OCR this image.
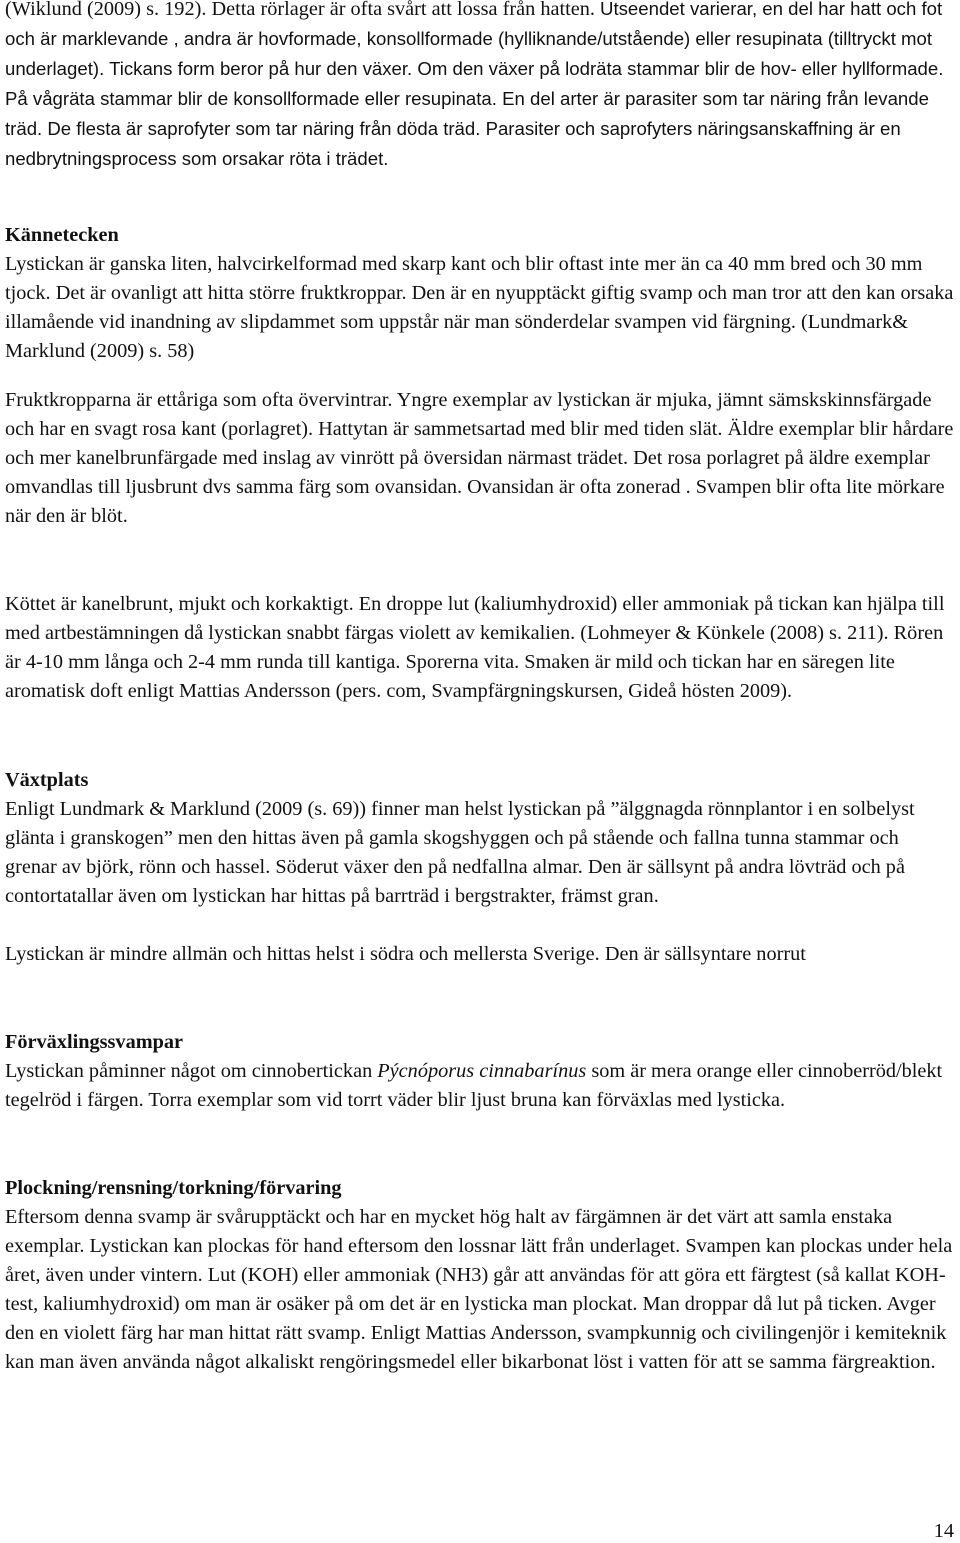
(Wiklund (2009) s. 192). Detta rörlager är ofta svårt att lossa från hatten. Utseendet varierar, en del har hatt och fot och är marklevande , andra är hovformade, konsollformade (hylliknande/utstående) eller resupinata (tilltryckt mot underlaget). Tickans form beror på hur den växer. Om den växer på lodräta stammar blir de hov- eller hyllformade. På vågräta stammar blir de konsollformade eller resupinata. En del arter är parasiter som tar näring från levande träd. De flesta är saprofyter som tar näring från döda träd. Parasiter och saprofyters näringsanskaffning är en nedbrytningsprocess som orsakar röta i trädet.

Kännetecken

Lystickan är ganska liten, halvcirkelformad med skarp kant och blir oftast inte mer än ca 40 mm bred och 30 mm tjock. Det är ovanligt att hitta större fruktkroppar. Den är en nyupptäckt giftig svamp och man tror att den kan orsaka illamående vid inandning av slipdammet som uppstår när man sönderdelar svampen vid färgning. (Lundmark& Marklund (2009) s. 58)

Fruktkropparna är ettåriga som ofta övervintrar. Yngre exemplar av lystickan är mjuka, jämnt sämskskinnsfärgade och har en svagt rosa kant (porlagret). Hattytan är sammetsartad med blir med tiden slät. Äldre exemplar blir hårdare och mer kanelbrunfärgade med inslag av vinrött på översidan närmast trädet. Det rosa porlagret på äldre exemplar omvandlas till ljusbrunt dvs samma färg som ovansidan. Ovansidan är ofta zonerad . Svampen blir ofta lite mörkare när den är blöt.

Köttet är kanelbrunt, mjukt och korkaktigt. En droppe lut (kaliumhydroxid) eller ammoniak på tickan kan hjälpa till med artbestämningen då lystickan snabbt färgas violett av kemikalien. (Lohmeyer & Kϋnkele (2008) s. 211). Rören är 4-10 mm långa och 2-4 mm runda till kantiga. Sporerna vita. Smaken är mild och tickan har en säregen lite aromatisk doft enligt Mattias Andersson (pers. com, Svampfärgningskursen, Gideå hösten 2009).

Växtplats

Enligt Lundmark & Marklund (2009 (s. 69)) finner man helst lystickan på ”älggnagda rönnplantor i en solbelyst glänta i granskogen” men den hittas även på gamla skogshyggen och på stående och fallna tunna stammar och grenar av björk, rönn och hassel. Söderut växer den på nedfallna almar. Den är sällsynt på andra lövträd och på contortatallar även om lystickan har hittas på barrträd i bergstrakter, främst gran.

Lystickan är mindre allmän och hittas helst i södra och mellersta Sverige. Den är sällsyntare norrut

Förväxlingssvampar

Lystickan påminner något om cinnobertickan Pýcnóporus cinnabarínus som är mera orange eller cinnoberröd/blekt tegelröd i färgen. Torra exemplar som vid torrt väder blir ljust bruna kan förväxlas med lysticka.

Plockning/rensning/torkning/förvaring

Eftersom denna svamp är svårupptäckt och har en mycket hög halt av färgämnen är det värt att samla enstaka exemplar. Lystickan kan plockas för hand eftersom den lossnar lätt från underlaget. Svampen kan plockas under hela året, även under vintern. Lut (KOH) eller ammoniak (NH3) går att användas för att göra ett färgtest (så kallat KOH-test, kaliumhydroxid) om man är osäker på om det är en lysticka man plockat. Man droppar då lut på ticken. Avger den en violett färg har man hittat rätt svamp. Enligt Mattias Andersson, svampkunnig och civilingenjör i kemiteknik kan man även använda något alkaliskt rengöringsmedel eller bikarbonat löst i vatten för att se samma färgreaktion.

14
